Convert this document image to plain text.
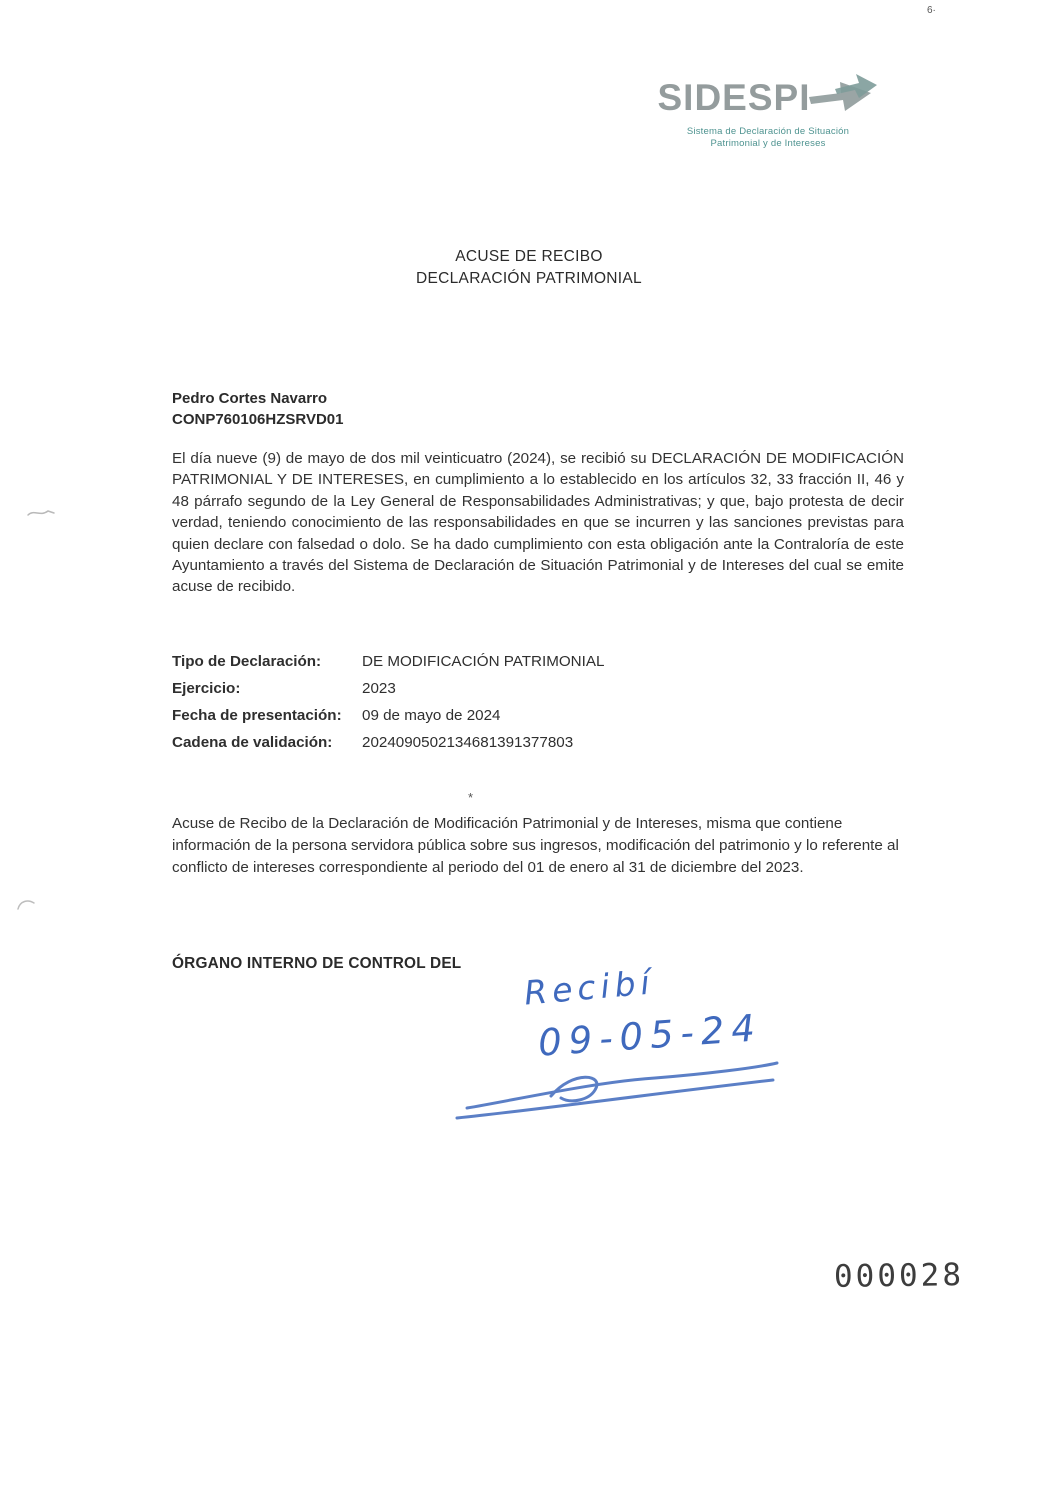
6·
SIDESPI
Sistema de Declaración de Situación
Patrimonial y de Intereses
ACUSE DE RECIBO
DECLARACIÓN PATRIMONIAL
Pedro Cortes Navarro
CONP760106HZSRVD01
El día nueve (9) de mayo de dos mil veinticuatro (2024), se recibió su DECLARACIÓN DE MODIFICACIÓN PATRIMONIAL Y DE INTERESES, en cumplimiento a lo establecido en los artículos 32, 33 fracción II, 46 y 48 párrafo segundo de la Ley General de Responsabilidades Administrativas; y que, bajo protesta de decir verdad, teniendo conocimiento de las responsabilidades en que se incurren y las sanciones previstas para quien declare con falsedad o dolo. Se ha dado cumplimiento con esta obligación ante la Contraloría de este Ayuntamiento a través del Sistema de Declaración de Situación Patrimonial y de Intereses del cual se emite acuse de recibido.
Tipo de Declaración:	DE MODIFICACIÓN PATRIMONIAL
Ejercicio:	2023
Fecha de presentación:	09 de mayo de 2024
Cadena de validación:	2024090502134681391377803
*
Acuse de Recibo de la Declaración de Modificación Patrimonial y de Intereses, misma que contiene información de la persona servidora pública sobre sus ingresos, modificación del patrimonio y lo referente al conflicto de intereses correspondiente al periodo del 01 de enero al 31 de diciembre del 2023.
ÓRGANO INTERNO DE CONTROL DEL Recibí
09-05-24
000028
